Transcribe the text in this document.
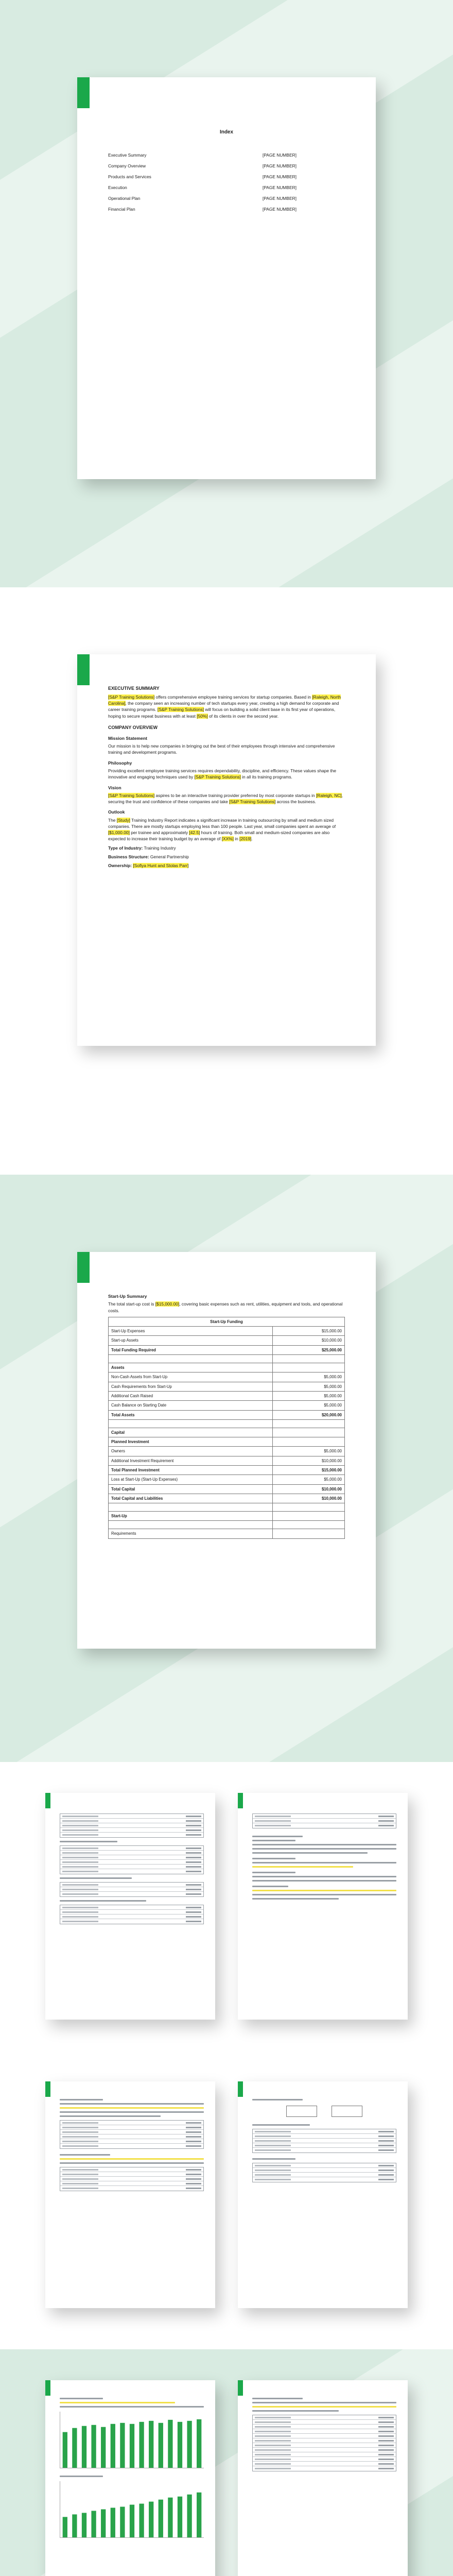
Index
Executive Summary	[PAGE NUMBER]
Company Overview	[PAGE NUMBER]
Products and Services	[PAGE NUMBER]
Execution	[PAGE NUMBER]
Operational Plan	[PAGE NUMBER]
Financial Plan	[PAGE NUMBER]
EXECUTIVE SUMMARY

[S&P Training Solutions] offers comprehensive employee training services for startup companies. Based in [Raleigh, North Carolina], the company seen an increasing number of tech startups every year, creating a high demand for corporate and career training programs. [S&P Training Solutions] will focus on building a solid client base in its first year of operations, hoping to secure repeat business with at least [50%] of its clients in over the second year.

COMPANY OVERVIEW
Mission Statement

Our mission is to help new companies in bringing out the best of their employees through intensive and comprehensive training and development programs.

Philosophy

Providing excellent employee training services requires dependability, discipline, and efficiency. These values shape the innovative and engaging techniques used by [S&P Training Solutions] in all its training programs.

Vision

[S&P Training Solutions] aspires to be an interactive training provider preferred by most corporate startups in [Raleigh, NC], securing the trust and confidence of these companies and take [S&P Training Solutions] across the business.

Outlook

The [Study] Training Industry Report indicates a significant increase in training outsourcing by small and medium sized companies. There are mostly startups employing less than 100 people. Last year, small companies spent an average of [$1,000.00] per trainee and approximately [42.5] hours of training. Both small and medium-sized companies are also expected to increase their training budget by an average of [XX%] in [2019].

Type of Industry: Training Industry

Business Structure: General Partnership

Ownership: [Sofiya Hunt and Stolas Parr]

Start-Up Summary

The total start-up cost is [$15,000.00], covering basic expenses such as rent, utilities, equipment and tools, and operational costs.

Start-Up Funding	
Start-Up Expenses	$15,000.00
Start-up Assets	$10,000.00
Total Funding Required	$25,000.00

Assets	
Non-Cash Assets from Start-Up	$5,000.00
Cash Requirements from Start-Up	$5,000.00
Additional Cash Raised	$5,000.00
Cash Balance on Starting Date	$5,000.00
Total Assets	$20,000.00

Capital	
Planned Investment	
Owners	$5,000.00
Additional Investment Requirement	$10,000.00
Total Planned Investment	$15,000.00
Loss at Start-Up (Start-Up Expenses)	$5,000.00
Total Capital	$10,000.00
Total Capital and Liabilities	$10,000.00

Start-Up	

Requirements	
